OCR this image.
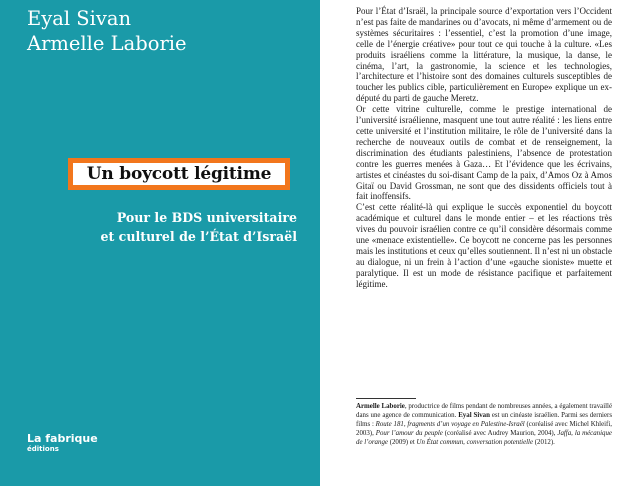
Eyal Sivan
Armelle Laborie
Un boycott légitime
Pour le BDS universitaire
et culturel de l’État d’Israël
La fabrique
éditions

Pour l’État d’Israël, la principale source d’exportation vers l’Occident n’est pas faite de mandarines ou d’avocats, ni même d’armement ou de systèmes sécuritaires : l’essentiel, c’est la promotion d’une image, celle de l’énergie créative» pour tout ce qui touche à la culture. «Les produits israéliens comme la littérature, la musique, la danse, le cinéma, l’art, la gastronomie, la science et les technologies, l’architecture et l’histoire sont des domaines culturels susceptibles de toucher les publics cible, particulièrement en Europe» explique un ex-député du parti de gauche Meretz.

Or cette vitrine culturelle, comme le prestige international de l’université israélienne, masquent une tout autre réalité : les liens entre cette université et l’institution militaire, le rôle de l’université dans la recherche de nouveaux outils de combat et de renseignement, la discrimination des étudiants palestiniens, l’absence de protestation contre les guerres menées à Gaza… Et l’évidence que les écrivains, artistes et cinéastes du soi-disant Camp de la paix, d’Amos Oz à Amos Gitaï ou David Grossman, ne sont que des dissidents officiels tout à fait inoffensifs.

C’est cette réalité-là qui explique le succès exponentiel du boycott académique et culturel dans le monde entier – et les réactions très vives du pouvoir israélien contre ce qu’il considère désormais comme une «menace existentielle». Ce boycott ne concerne pas les personnes mais les institutions et ceux qu’elles soutiennent. Il n’est ni un obstacle au dialogue, ni un frein à l’action d’une «gauche sioniste» muette et paralytique. Il est un mode de résistance pacifique et parfaitement légitime.

Armelle Laborie, productrice de films pendant de nombreuses années, a également travaillé dans une agence de communication. Eyal Sivan est un cinéaste israélien. Parmi ses derniers films : Route 181, fragments d’un voyage en Palestine-Israël (coréalisé avec Michel Khleifi, 2003), Pour l’amour du peuple (coréalisé avec Audrey Maurion, 2004), Jaffa, la mécanique de l’orange (2009) et Un État commun, conversation potentielle (2012).
